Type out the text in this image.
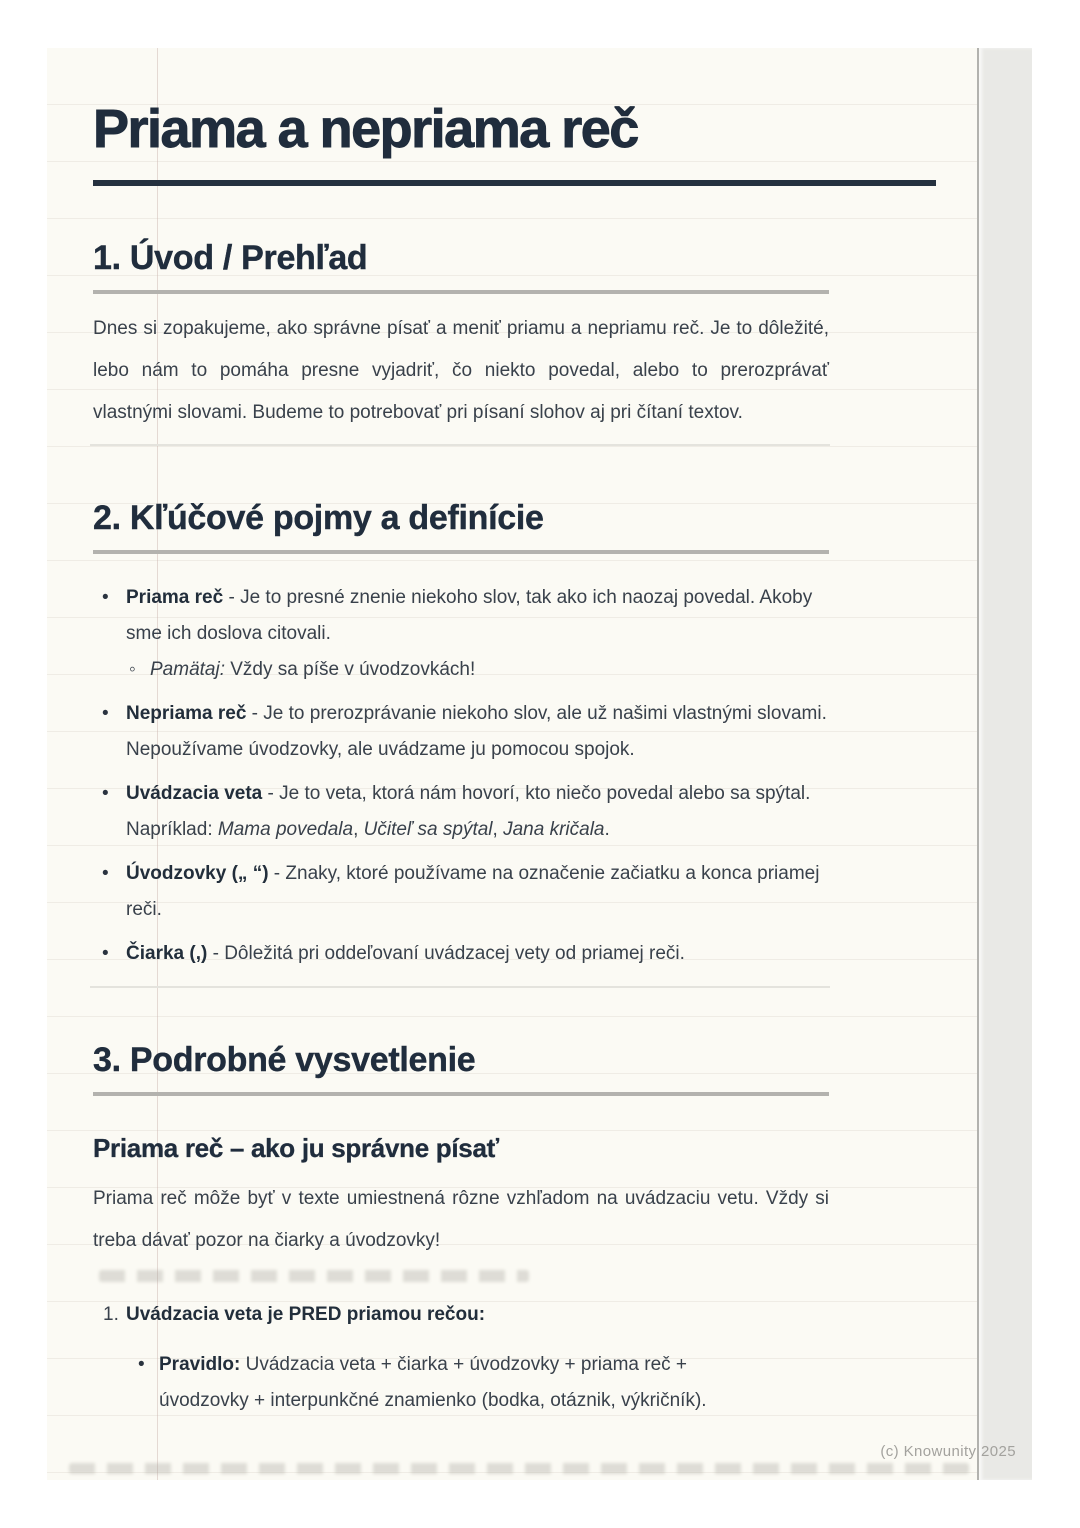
Priama a nepriama reč
1. Úvod / Prehľad

Dnes si zopakujeme, ako správne písať a meniť priamu a nepriamu reč. Je to dôležité, lebo nám to pomáha presne vyjadriť, čo niekto povedal, alebo to prerozprávať vlastnými slovami. Budeme to potrebovať pri písaní slohov aj pri čítaní textov.

2. Kľúčové pojmy a definície
• Priama reč - Je to presné znenie niekoho slov, tak ako ich naozaj povedal. Akoby sme ich doslova citovali.
◦ Pamätaj: Vždy sa píše v úvodzovkách!
• Nepriama reč - Je to prerozprávanie niekoho slov, ale už našimi vlastnými slovami. Nepoužívame úvodzovky, ale uvádzame ju pomocou spojok.
• Uvádzacia veta - Je to veta, ktorá nám hovorí, kto niečo povedal alebo sa spýtal. Napríklad: Mama povedala, Učiteľ sa spýtal, Jana kričala.
• Úvodzovky („ “) - Znaky, ktoré používame na označenie začiatku a konca priamej reči.
• Čiarka (,) - Dôležitá pri oddeľovaní uvádzacej vety od priamej reči.
3. Podrobné vysvetlenie
Priama reč – ako ju správne písať

Priama reč môže byť v texte umiestnená rôzne vzhľadom na uvádzaciu vetu. Vždy si treba dávať pozor na čiarky a úvodzovky!

1. Uvádzacia veta je PRED priamou rečou:
• Pravidlo: Uvádzacia veta + čiarka + úvodzovky + priama reč + úvodzovky + interpunkčné znamienko (bodka, otáznik, výkričník).
(c) Knowunity 2025
